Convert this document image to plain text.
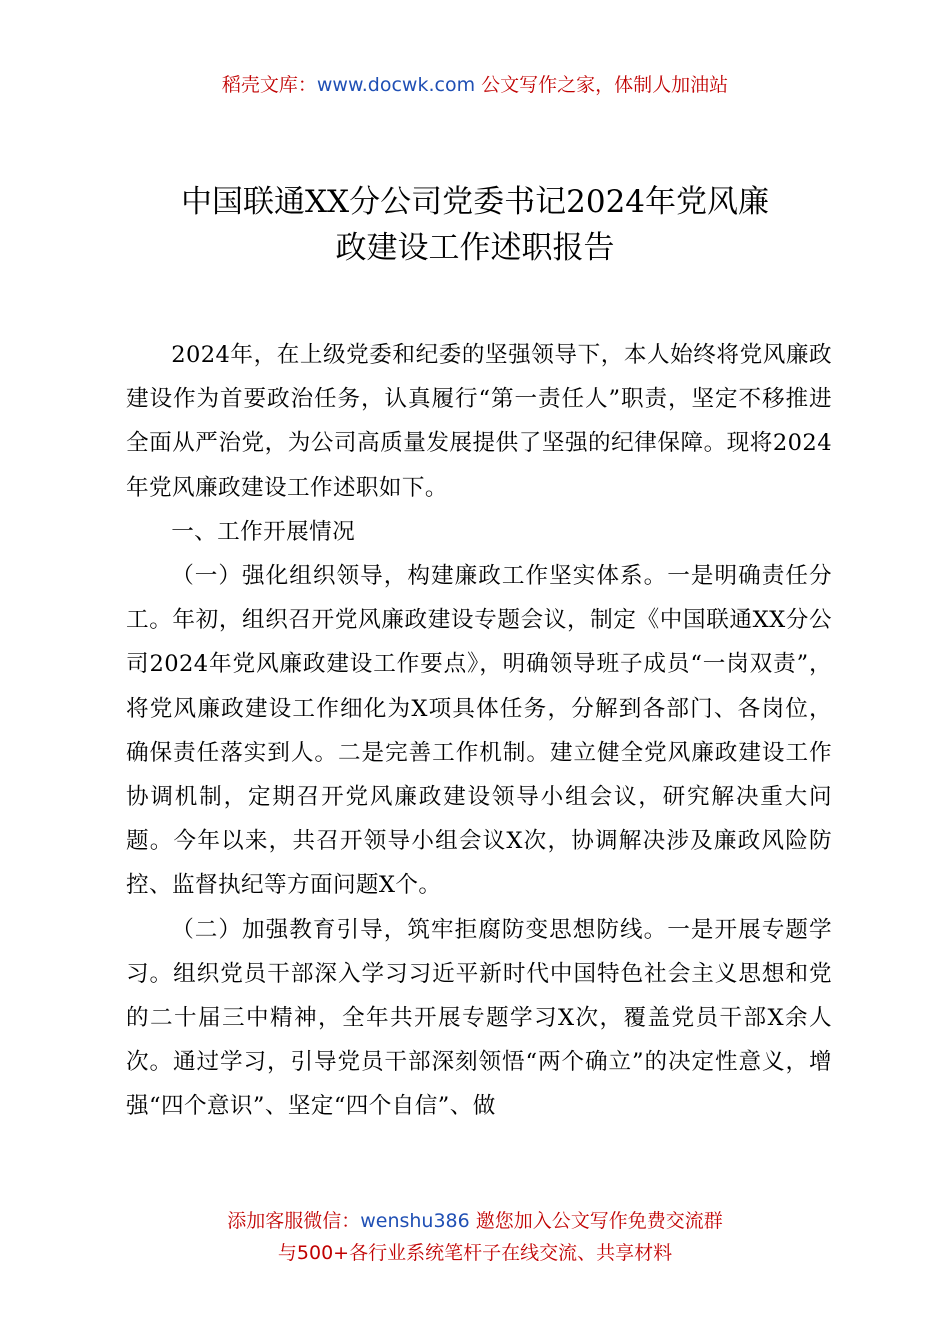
稻壳文库：www.docwk.com 公文写作之家，体制人加油站
中国联通XX分公司党委书记2024年党风廉
政建设工作述职报告

2024年，在上级党委和纪委的坚强领导下，本人始终将党风廉政建设作为首要政治任务，认真履行“第一责任人”职责，坚定不移推进全面从严治党，为公司高质量发展提供了坚强的纪律保障。现将2024年党风廉政建设工作述职如下。

一、工作开展情况

（一）强化组织领导，构建廉政工作坚实体系。一是明确责任分工。年初，组织召开党风廉政建设专题会议，制定《中国联通XX分公司2024年党风廉政建设工作要点》，明确领导班子成员“一岗双责”，将党风廉政建设工作细化为X项具体任务，分解到各部门、各岗位，确保责任落实到人。二是完善工作机制。建立健全党风廉政建设工作协调机制，定期召开党风廉政建设领导小组会议，研究解决重大问题。今年以来，共召开领导小组会议X次，协调解决涉及廉政风险防控、监督执纪等方面问题X个。

（二）加强教育引导，筑牢拒腐防变思想防线。一是开展专题学习。组织党员干部深入学习习近平新时代中国特色社会主义思想和党的二十届三中精神，全年共开展专题学习X次，覆盖党员干部X余人次。通过学习，引导党员干部深刻领悟“两个确立”的决定性意义，增强“四个意识”、坚定“四个自信”、做

添加客服微信：wenshu386 邀您加入公文写作免费交流群
与500+各行业系统笔杆子在线交流、共享材料
